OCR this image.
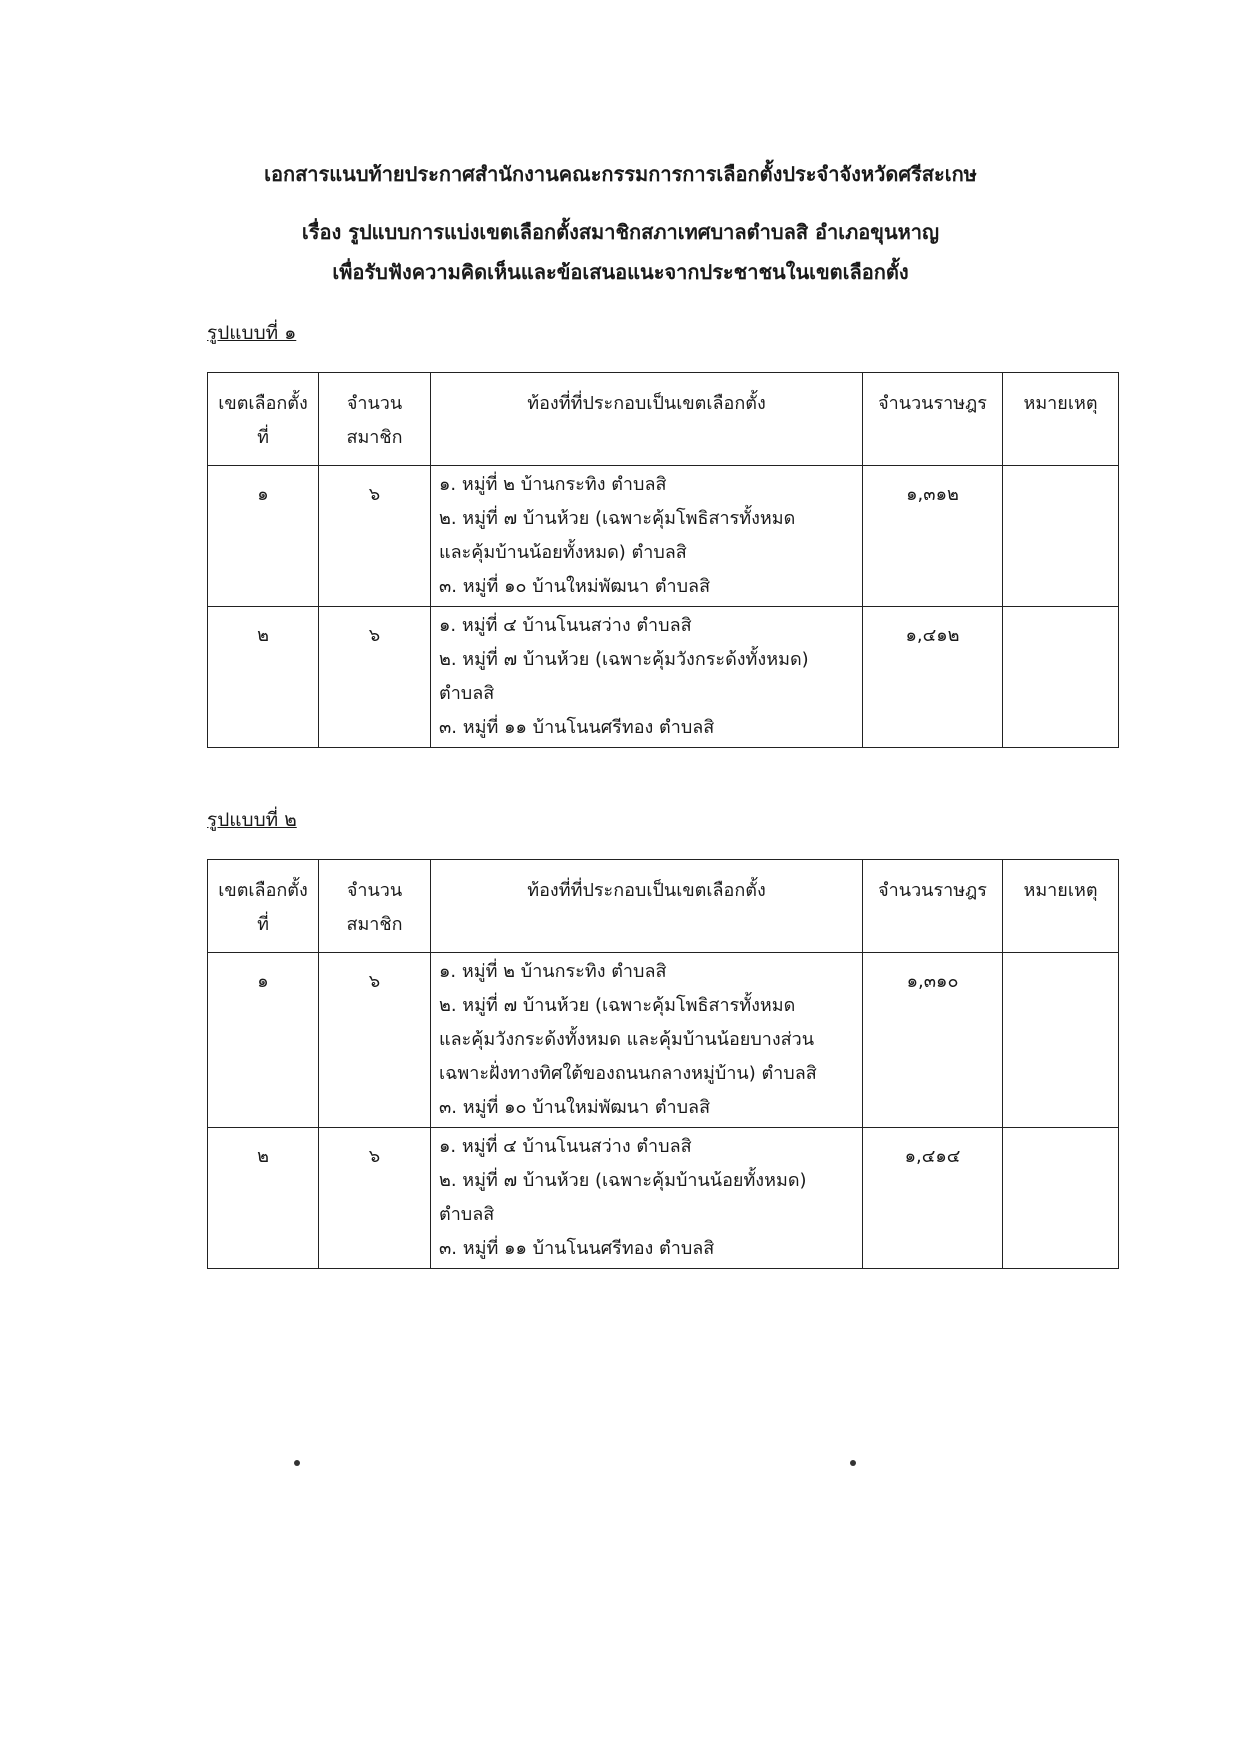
เอกสารแนบท้ายประกาศสำนักงานคณะกรรมการการเลือกตั้งประจำจังหวัดศรีสะเกษ
เรื่อง รูปแบบการแบ่งเขตเลือกตั้งสมาชิกสภาเทศบาลตำบลสิ อำเภอขุนหาญ
เพื่อรับฟังความคิดเห็นและข้อเสนอแนะจากประชาชนในเขตเลือกตั้ง
รูปแบบที่ ๑
เขตเลือกตั้งที่	จำนวนสมาชิก	ท้องที่ที่ประกอบเป็นเขตเลือกตั้ง	จำนวนราษฎร	หมายเหตุ
๑	๖	๑. หมู่ที่ ๒ บ้านกระทิง ตำบลสิ
๒. หมู่ที่ ๗ บ้านห้วย (เฉพาะคุ้มโพธิสารทั้งหมด
และคุ้มบ้านน้อยทั้งหมด) ตำบลสิ
๓. หมู่ที่ ๑๐ บ้านใหม่พัฒนา ตำบลสิ	๑,๓๑๒	
๒	๖	๑. หมู่ที่ ๔ บ้านโนนสว่าง ตำบลสิ
๒. หมู่ที่ ๗ บ้านห้วย (เฉพาะคุ้มวังกระด้งทั้งหมด)
ตำบลสิ
๓. หมู่ที่ ๑๑ บ้านโนนศรีทอง ตำบลสิ	๑,๔๑๒	
รูปแบบที่ ๒
เขตเลือกตั้งที่	จำนวนสมาชิก	ท้องที่ที่ประกอบเป็นเขตเลือกตั้ง	จำนวนราษฎร	หมายเหตุ
๑	๖	๑. หมู่ที่ ๒ บ้านกระทิง ตำบลสิ
๒. หมู่ที่ ๗ บ้านห้วย (เฉพาะคุ้มโพธิสารทั้งหมด
และคุ้มวังกระด้งทั้งหมด และคุ้มบ้านน้อยบางส่วน
เฉพาะฝั่งทางทิศใต้ของถนนกลางหมู่บ้าน) ตำบลสิ
๓. หมู่ที่ ๑๐ บ้านใหม่พัฒนา ตำบลสิ	๑,๓๑๐	
๒	๖	๑. หมู่ที่ ๔ บ้านโนนสว่าง ตำบลสิ
๒. หมู่ที่ ๗ บ้านห้วย (เฉพาะคุ้มบ้านน้อยทั้งหมด)
ตำบลสิ
๓. หมู่ที่ ๑๑ บ้านโนนศรีทอง ตำบลสิ	๑,๔๑๔	
